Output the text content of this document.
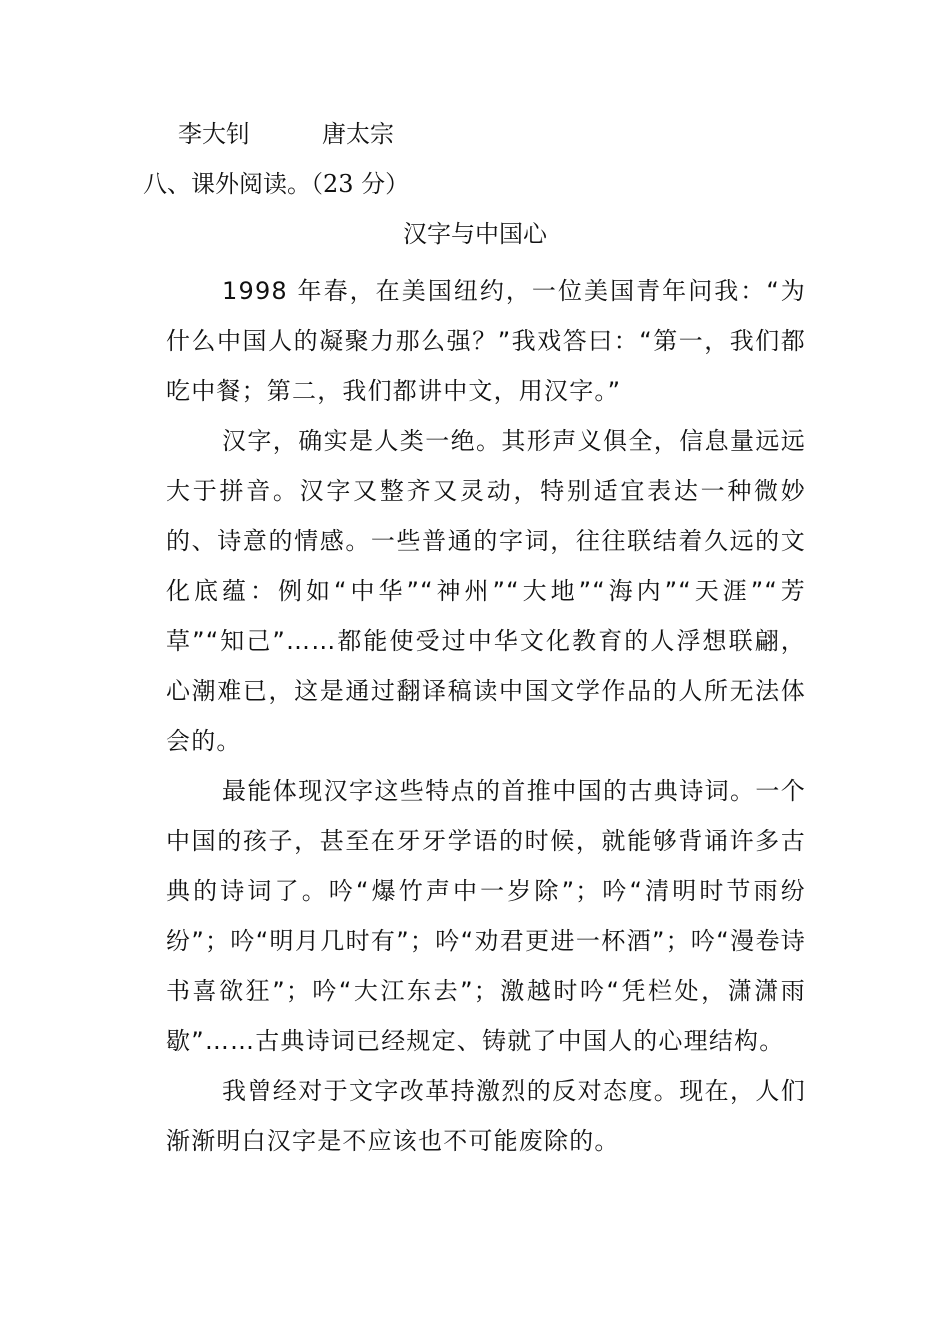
李大钊	唐太宗
八、课外阅读。（23 分）
汉字与中国心

1998 年春，在美国纽约，一位美国青年问我：“为什么中国人的凝聚力那么强？”我戏答曰：“第一，我们都吃中餐；第二，我们都讲中文，用汉字。”

汉字，确实是人类一绝。其形声义俱全，信息量远远大于拼音。汉字又整齐又灵动，特别适宜表达一种微妙的、诗意的情感。一些普通的字词，往往联结着久远的文化底蕴：例如“中华”“神州”“大地”“海内”“天涯”“芳草”“知己”……都能使受过中华文化教育的人浮想联翩，心潮难已，这是通过翻译稿读中国文学作品的人所无法体会的。

最能体现汉字这些特点的首推中国的古典诗词。一个中国的孩子，甚至在牙牙学语的时候，就能够背诵许多古典的诗词了。吟“爆竹声中一岁除”；吟“清明时节雨纷纷”；吟“明月几时有”；吟“劝君更进一杯酒”；吟“漫卷诗书喜欲狂”；吟“大江东去”；激越时吟“凭栏处，潇潇雨歇”……古典诗词已经规定、铸就了中国人的心理结构。

我曾经对于文字改革持激烈的反对态度。现在，人们渐渐明白汉字是不应该也不可能废除的。
